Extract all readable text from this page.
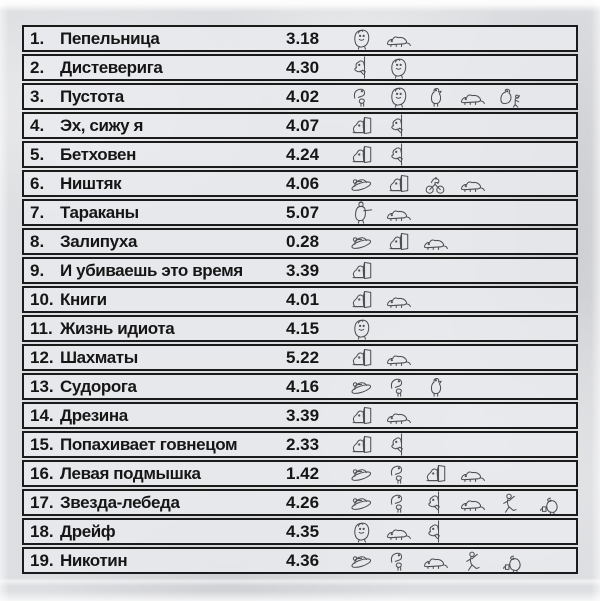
1. Пепельница	3.18
2. Дистеверига	4.30
3. Пустота	4.02
4. Эх, сижу я	4.07
5. Бетховен	4.24
6. Ништяк	4.06
7. Тараканы	5.07
8. Залипуха	0.28
9. И убиваешь это время	3.39
10. Книги	4.01
11. Жизнь идиота	4.15
12. Шахматы	5.22
13. Судорога	4.16
14. Дрезина	3.39
15. Попахивает говнецом	2.33
16. Левая подмышка	1.42
17. Звезда-лебеда	4.26
18. Дрейф	4.35
19. Никотин	4.36
